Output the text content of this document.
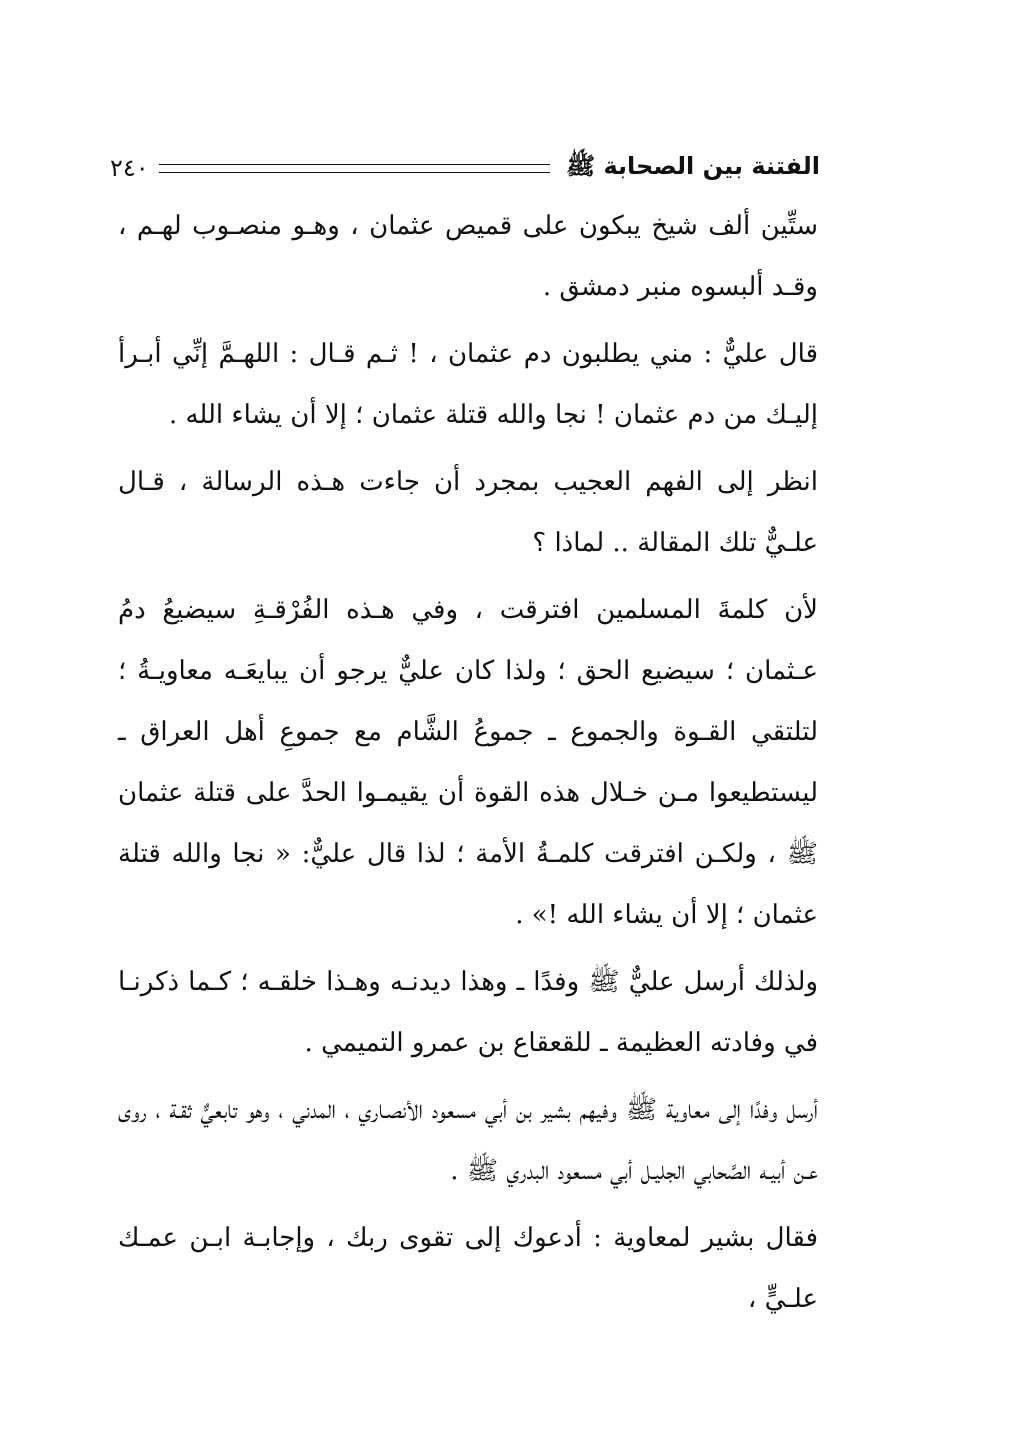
الفتنة بين الصحابة ﷺ
٢٤٠

ستِّين ألف شيخ يبكون على قميص عثمان ، وهـو منصـوب لهـم ، وقـد ألبسوه منبر دمشق .

قال عليٌّ : مني يطلبون دم عثمان ، ! ثـم قـال : اللهـمَّ إنِّي أبـرأ إليـك من دم عثمان ! نجا والله قتلة عثمان ؛ إلا أن يشاء الله .

انظر إلى الفهم العجيب بمجرد أن جاءت هـذه الرسالة ، قـال علـيٌّ تلك المقالة .. لماذا ؟

لأن كلمةَ المسلمين افترقت ، وفي هـذه الفُرْقـةِ سيضيعُ دمُ عـثمان ؛ سيضيع الحق ؛ ولذا كان عليٌّ يرجو أن يبايعَـه معاويـةُ ؛ لتلتقي القـوة والجموع ـ جموعُ الشَّام مع جموعِ أهل العراق ـ ليستطيعوا مـن خـلال هذه القوة أن يقيمـوا الحدَّ على قتلة عثمان ﷺ ، ولكـن افترقت كلمـةُ الأمة ؛ لذا قال عليٌّ: « نجا والله قتلة عثمان ؛ إلا أن يشاء الله !» .

ولذلك أرسل عليٌّ ﷺ وفدًا ـ وهذا ديدنـه وهـذا خلقـه ؛ كـما ذكرنـا في وفادته العظيمة ـ للقعقاع بن عمرو التميمي .

أرسل وفدًا إلى معاوية ﷺ وفيهم بشير بن أبي مسعود الأنصـاري ، المدني ، وهو تابعيٌّ ثقـة ، روى عـن أبيـه الصَّحابي الجليـل أبي مسعود البدري ﷺ .

فقال بشير لمعاوية : أدعوك إلى تقوى ربك ، وإجابـة ابـن عمـك علـيٍّ ،
